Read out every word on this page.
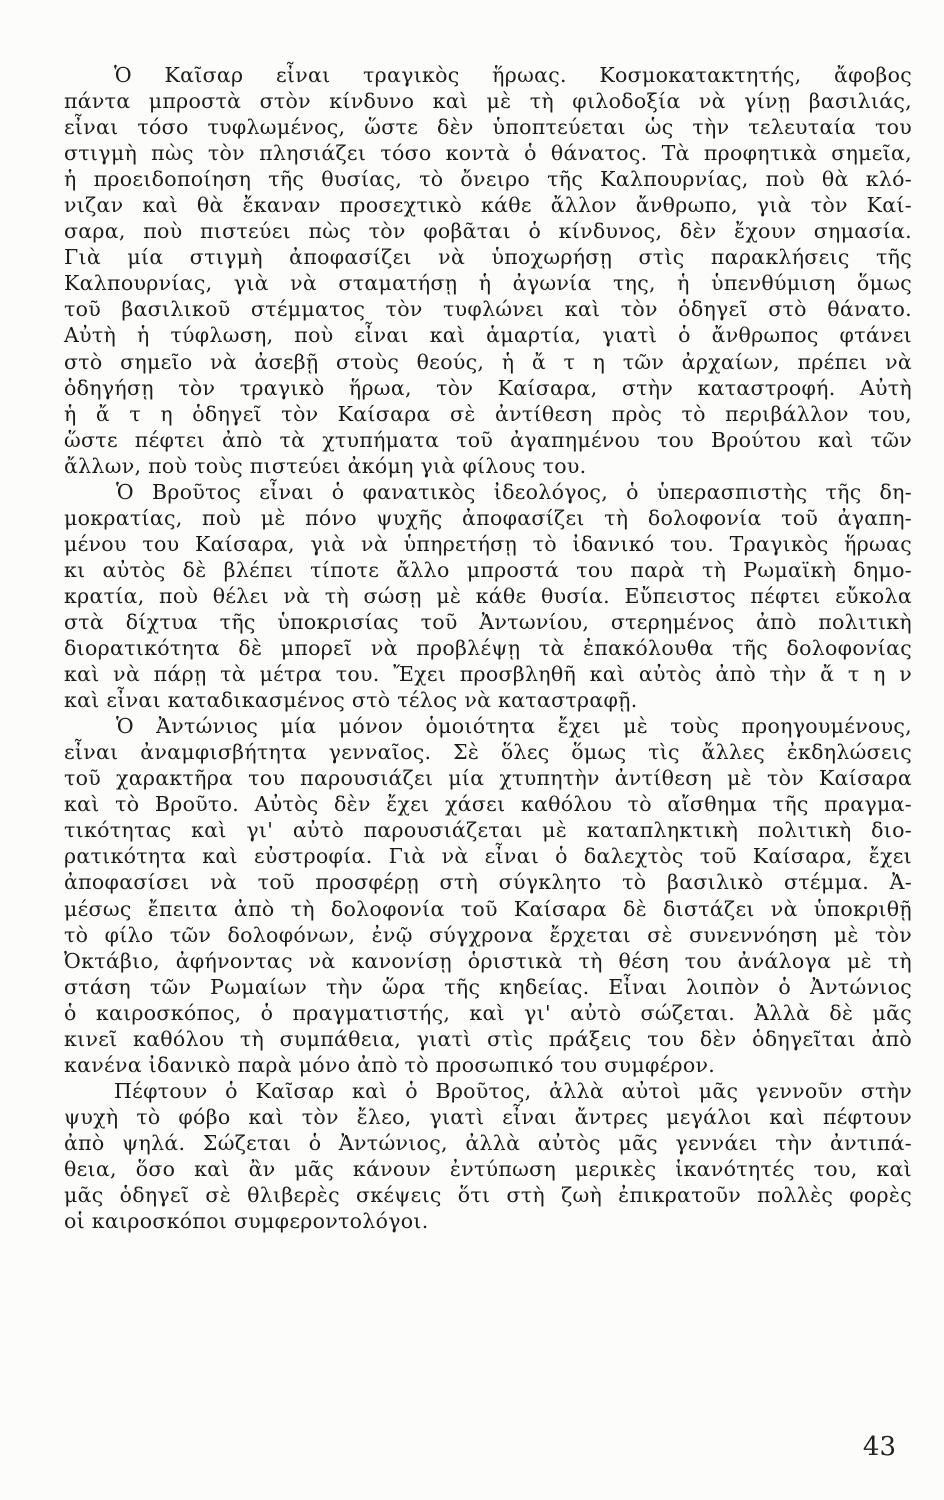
Ὁ Καῖσαρ εἶναι τραγικὸς ἥρωας. Κοσμοκατακτητής, ἄφοβος
πάντα μπροστὰ στὸν κίνδυνο καὶ μὲ τὴ φιλοδοξία νὰ γίνῃ βασιλιάς,
εἶναι τόσο τυφλωμένος, ὥστε δὲν ὑποπτεύεται ὡς τὴν τελευταία του
στιγμὴ πὼς τὸν πλησιάζει τόσο κοντὰ ὁ θάνατος. Τὰ προφητικὰ σημεῖα,
ἡ προειδοποίηση τῆς θυσίας, τὸ ὄνειρο τῆς Καλπουρνίας, ποὺ θὰ κλό-
νιζαν καὶ θὰ ἔκαναν προσεχτικὸ κάθε ἄλλον ἄνθρωπο, γιὰ τὸν Καί-
σαρα, ποὺ πιστεύει πὼς τὸν φοβᾶται ὁ κίνδυνος, δὲν ἔχουν σημασία.
Γιὰ μία στιγμὴ ἀποφασίζει νὰ ὑποχωρήσῃ στὶς παρακλήσεις τῆς
Καλπουρνίας, γιὰ νὰ σταματήσῃ ἡ ἀγωνία της, ἡ ὑπενθύμιση ὅμως
τοῦ βασιλικοῦ στέμματος τὸν τυφλώνει καὶ τὸν ὁδηγεῖ στὸ θάνατο.
Αὐτὴ ἡ τύφλωση, ποὺ εἶναι καὶ ἁμαρτία, γιατὶ ὁ ἄνθρωπος φτάνει
στὸ σημεῖο νὰ ἀσεβῇ στοὺς θεούς, ἡ ἄ τ η τῶν ἀρχαίων, πρέπει νὰ
ὁδηγήσῃ τὸν τραγικὸ ἥρωα, τὸν Καίσαρα, στὴν καταστροφή. Αὐτὴ
ἡ ἄ τ η ὁδηγεῖ τὸν Καίσαρα σὲ ἀντίθεση πρὸς τὸ περιβάλλον του,
ὥστε πέφτει ἀπὸ τὰ χτυπήματα τοῦ ἀγαπημένου του Βρούτου καὶ τῶν
ἄλλων, ποὺ τοὺς πιστεύει ἀκόμη γιὰ φίλους του.
Ὁ Βροῦτος εἶναι ὁ φανατικὸς ἰδεολόγος, ὁ ὑπερασπιστὴς τῆς δη-
μοκρατίας, ποὺ μὲ πόνο ψυχῆς ἀποφασίζει τὴ δολοφονία τοῦ ἀγαπη-
μένου του Καίσαρα, γιὰ νὰ ὑπηρετήσῃ τὸ ἰδανικό του. Τραγικὸς ἥρωας
κι αὐτὸς δὲ βλέπει τίποτε ἄλλο μπροστά του παρὰ τὴ Ρωμαϊκὴ δημο-
κρατία, ποὺ θέλει νὰ τὴ σώσῃ μὲ κάθε θυσία. Εὔπειστος πέφτει εὔκολα
στὰ δίχτυα τῆς ὑποκρισίας τοῦ Ἀντωνίου, στερημένος ἀπὸ πολιτικὴ
διορατικότητα δὲ μπορεῖ νὰ προβλέψῃ τὰ ἐπακόλουθα τῆς δολοφονίας
καὶ νὰ πάρῃ τὰ μέτρα του. Ἔχει προσβληθῆ καὶ αὐτὸς ἀπὸ τὴν ἄ τ η ν
καὶ εἶναι καταδικασμένος στὸ τέλος νὰ καταστραφῇ.
Ὁ Ἀντώνιος μία μόνον ὁμοιότητα ἔχει μὲ τοὺς προηγουμένους,
εἶναι ἀναμφισβήτητα γενναῖος. Σὲ ὅλες ὅμως τὶς ἄλλες ἐκδηλώσεις
τοῦ χαρακτῆρα του παρουσιάζει μία χτυπητὴν ἀντίθεση μὲ τὸν Καίσαρα
καὶ τὸ Βροῦτο. Αὐτὸς δὲν ἔχει χάσει καθόλου τὸ αἴσθημα τῆς πραγμα-
τικότητας καὶ γι' αὐτὸ παρουσιάζεται μὲ καταπληκτικὴ πολιτικὴ διο-
ρατικότητα καὶ εὐστροφία. Γιὰ νὰ εἶναι ὁ δαλεχτὸς τοῦ Καίσαρα, ἔχει
ἀποφασίσει νὰ τοῦ προσφέρῃ στὴ σύγκλητο τὸ βασιλικὸ στέμμα. Ἀ-
μέσως ἔπειτα ἀπὸ τὴ δολοφονία τοῦ Καίσαρα δὲ διστάζει νὰ ὑποκριθῇ
τὸ φίλο τῶν δολοφόνων, ἐνῷ σύγχρονα ἔρχεται σὲ συνεννόηση μὲ τὸν
Ὀκτάβιο, ἀφήνοντας νὰ κανονίσῃ ὁριστικὰ τὴ θέση του ἀνάλογα μὲ τὴ
στάση τῶν Ρωμαίων τὴν ὥρα τῆς κηδείας. Εἶναι λοιπὸν ὁ Ἀντώνιος
ὁ καιροσκόπος, ὁ πραγματιστής, καὶ γι' αὐτὸ σώζεται. Ἀλλὰ δὲ μᾶς
κινεῖ καθόλου τὴ συμπάθεια, γιατὶ στὶς πράξεις του δὲν ὁδηγεῖται ἀπὸ
κανένα ἰδανικὸ παρὰ μόνο ἀπὸ τὸ προσωπικό του συμφέρον.
Πέφτουν ὁ Καῖσαρ καὶ ὁ Βροῦτος, ἀλλὰ αὐτοὶ μᾶς γεννοῦν στὴν
ψυχὴ τὸ φόβο καὶ τὸν ἔλεο, γιατὶ εἶναι ἄντρες μεγάλοι καὶ πέφτουν
ἀπὸ ψηλά. Σώζεται ὁ Ἀντώνιος, ἀλλὰ αὐτὸς μᾶς γεννάει τὴν ἀντιπά-
θεια, ὅσο καὶ ἂν μᾶς κάνουν ἐντύπωση μερικὲς ἱκανότητές του, καὶ
μᾶς ὁδηγεῖ σὲ θλιβερὲς σκέψεις ὅτι στὴ ζωὴ ἐπικρατοῦν πολλὲς φορὲς
οἱ καιροσκόποι συμφεροντολόγοι.
43
